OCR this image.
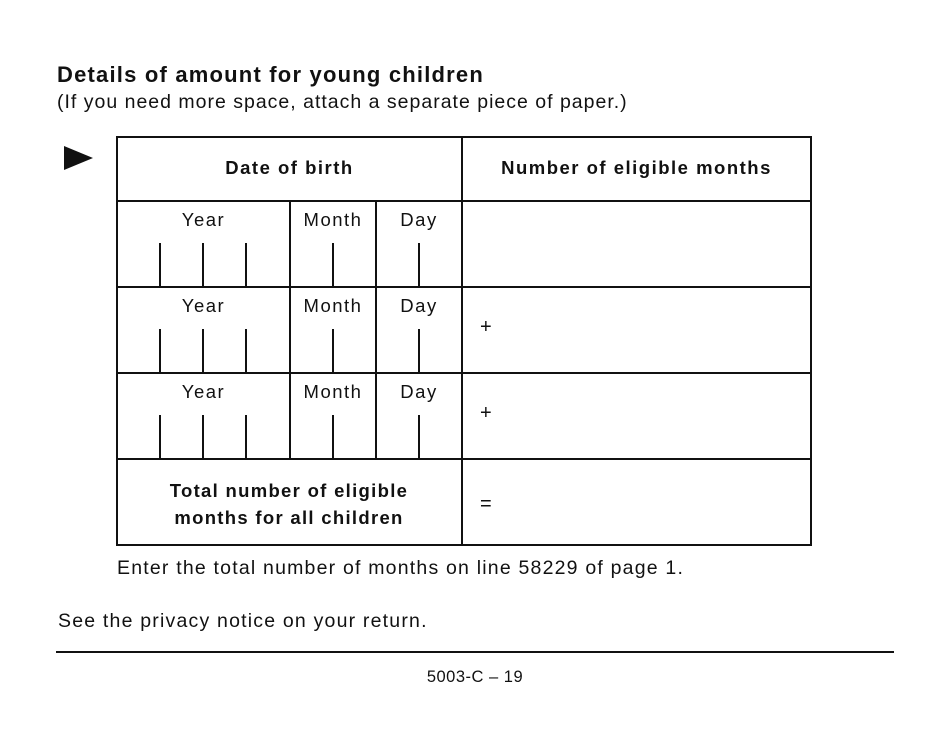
Details of amount for young children
(If you need more space, attach a separate piece of paper.)
Date of birth	Number of eligible months
Year	Month	Day
Year	Month	Day
+
Year	Month	Day
+
Total number of eligible
months for all children
=
Enter the total number of months on line 58229 of page 1.
See the privacy notice on your return.
5003-C – 19
